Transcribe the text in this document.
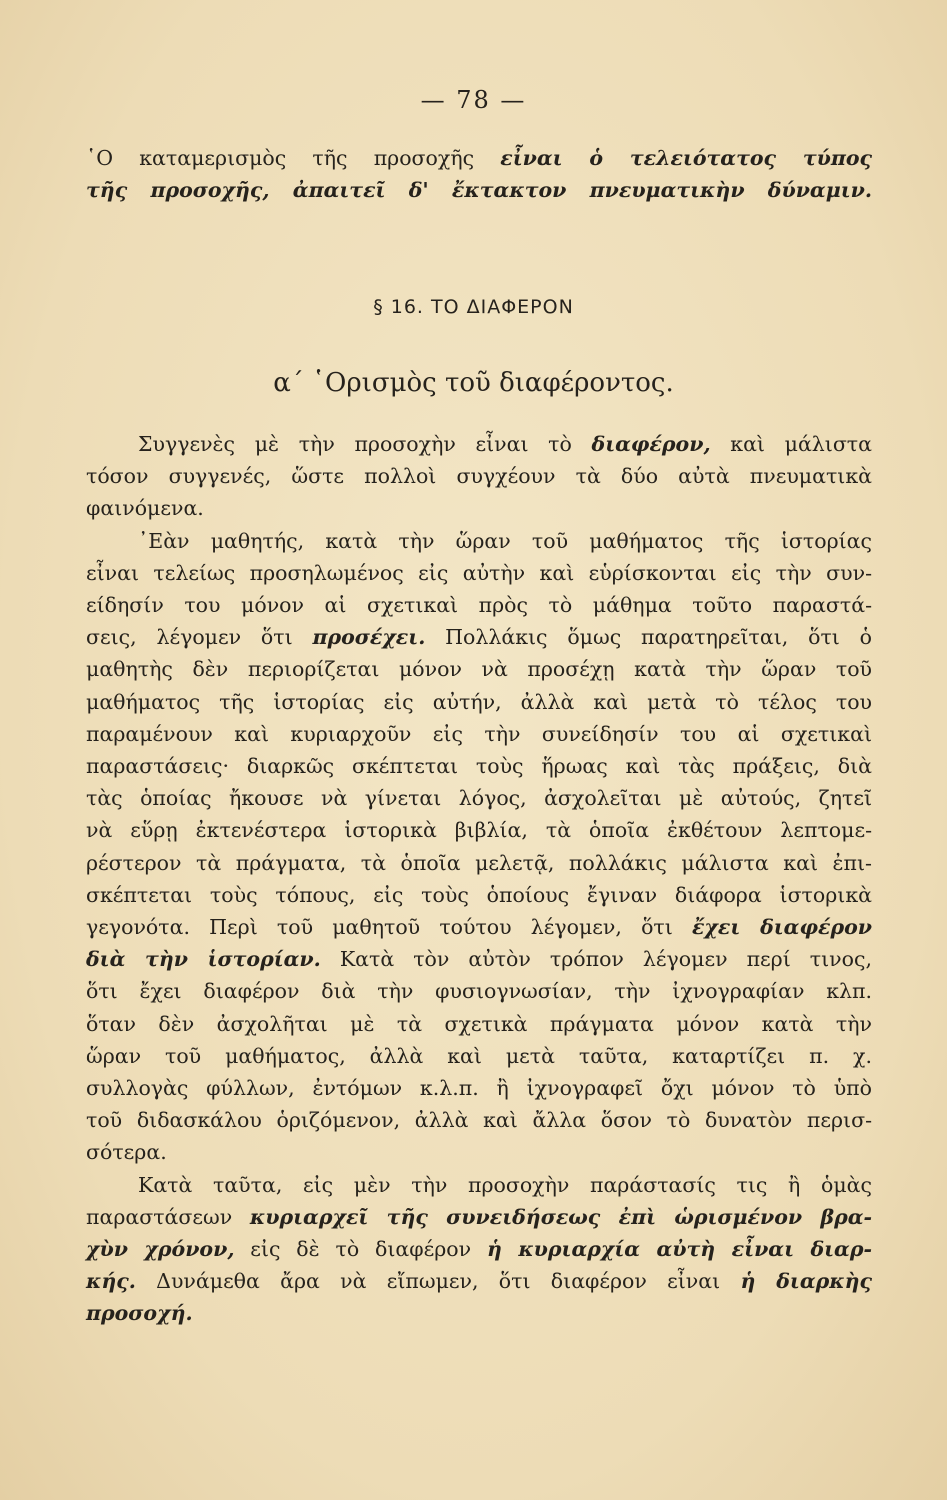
— 78 —
῾Ο καταμερισμὸς τῆς προσοχῆς εἶναι ὁ τελειότατος τύπος
τῆς προσοχῆς, ἀπαιτεῖ δ' ἔκτακτον πνευματικὴν δύναμιν.
§ 16. ΤΟ ΔΙΑΦΕΡΟΝ
α΄ ῾Ορισμὸς τοῦ διαφέροντος.
Συγγενὲς μὲ τὴν προσοχὴν εἶναι τὸ διαφέρον, καὶ μάλιστα
τόσον συγγενές, ὥστε πολλοὶ συγχέουν τὰ δύο αὐτὰ πνευματικὰ
φαινόμενα.
᾿Εὰν μαθητής, κατὰ τὴν ὥραν τοῦ μαθήματος τῆς ἱστορίας
εἶναι τελείως προσηλωμένος εἰς αὐτὴν καὶ εὑρίσκονται εἰς τὴν συν-
είδησίν του μόνον αἱ σχετικαὶ πρὸς τὸ μάθημα τοῦτο παραστά-
σεις, λέγομεν ὅτι προσέχει. Πολλάκις ὅμως παρατηρεῖται, ὅτι ὁ
μαθητὴς δὲν περιορίζεται μόνον νὰ προσέχῃ κατὰ τὴν ὥραν τοῦ
μαθήματος τῆς ἱστορίας εἰς αὐτήν, ἀλλὰ καὶ μετὰ τὸ τέλος του
παραμένουν καὶ κυριαρχοῦν εἰς τὴν συνείδησίν του αἱ σχετικαὶ
παραστάσεις· διαρκῶς σκέπτεται τοὺς ἥρωας καὶ τὰς πράξεις, διὰ
τὰς ὁποίας ἤκουσε νὰ γίνεται λόγος, ἀσχολεῖται μὲ αὐτούς, ζητεῖ
νὰ εὕρῃ ἐκτενέστερα ἱστορικὰ βιβλία, τὰ ὁποῖα ἐκθέτουν λεπτομε-
ρέστερον τὰ πράγματα, τὰ ὁποῖα μελετᾷ, πολλάκις μάλιστα καὶ ἐπι-
σκέπτεται τοὺς τόπους, εἰς τοὺς ὁποίους ἔγιναν διάφορα ἱστορικὰ
γεγονότα. Περὶ τοῦ μαθητοῦ τούτου λέγομεν, ὅτι ἔχει διαφέρον
διὰ τὴν ἱστορίαν. Κατὰ τὸν αὐτὸν τρόπον λέγομεν περί τινος,
ὅτι ἔχει διαφέρον διὰ τὴν φυσιογνωσίαν, τὴν ἰχνογραφίαν κλπ.
ὅταν δὲν ἀσχολῆται μὲ τὰ σχετικὰ πράγματα μόνον κατὰ τὴν
ὥραν τοῦ μαθήματος, ἀλλὰ καὶ μετὰ ταῦτα, καταρτίζει π. χ.
συλλογὰς φύλλων, ἐντόμων κ.λ.π. ἢ ἰχνογραφεῖ ὄχι μόνον τὸ ὑπὸ
τοῦ διδασκάλου ὁριζόμενον, ἀλλὰ καὶ ἄλλα ὅσον τὸ δυνατὸν περισ-
σότερα.
Κατὰ ταῦτα, εἰς μὲν τὴν προσοχὴν παράστασίς τις ἢ ὁμὰς
παραστάσεων κυριαρχεῖ τῆς συνειδήσεως ἐπὶ ὡρισμένον βρα-
χὺν χρόνον, εἰς δὲ τὸ διαφέρον ἡ κυριαρχία αὐτὴ εἶναι διαρ-
κής. Δυνάμεθα ἄρα νὰ εἴπωμεν, ὅτι διαφέρον εἶναι ἡ διαρκὴς
προσοχή.
